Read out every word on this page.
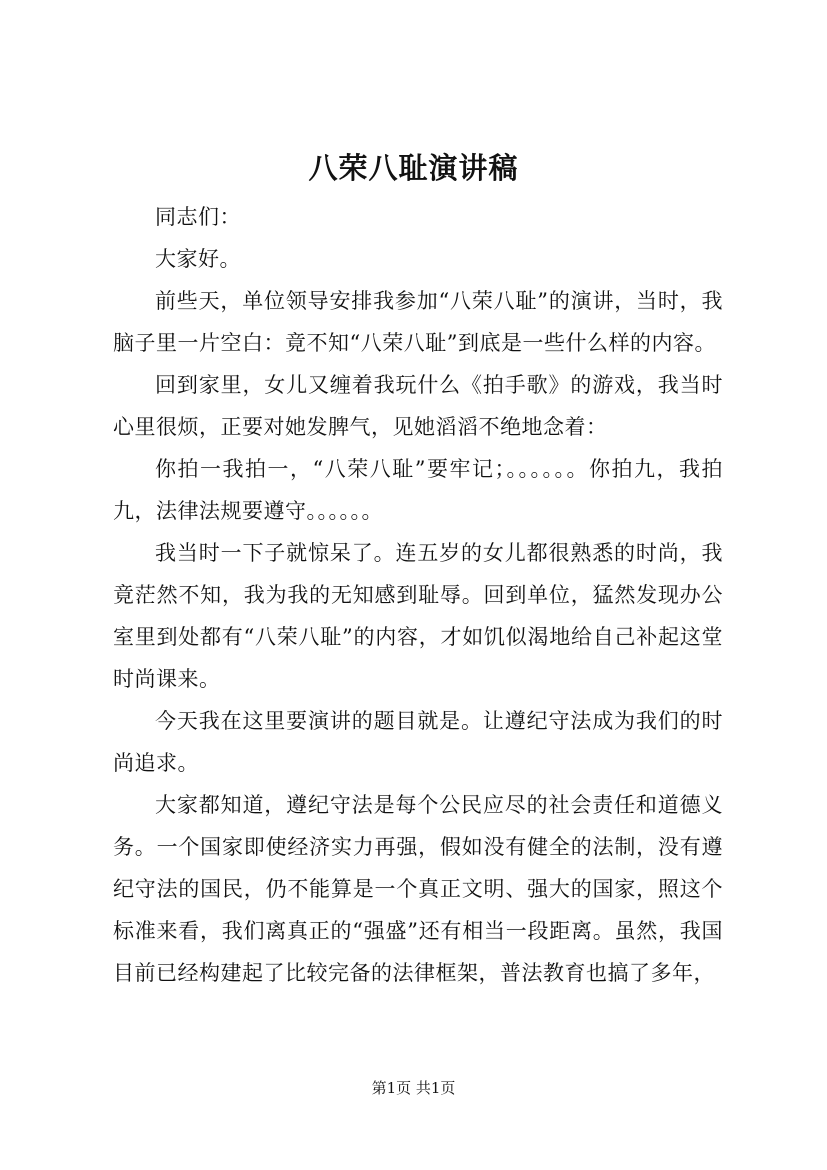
八荣八耻演讲稿

同志们：

大家好。

前些天，单位领导安排我参加“八荣八耻”的演讲，当时，我脑子里一片空白：竟不知“八荣八耻”到底是一些什么样的内容。

回到家里，女儿又缠着我玩什么《拍手歌》的游戏，我当时心里很烦，正要对她发脾气，见她滔滔不绝地念着：

你拍一我拍一，“八荣八耻”要牢记；。。。。。。你拍九，我拍九，法律法规要遵守。。。。。。

我当时一下子就惊呆了。连五岁的女儿都很熟悉的时尚，我竟茫然不知，我为我的无知感到耻辱。回到单位，猛然发现办公室里到处都有“八荣八耻”的内容，才如饥似渴地给自己补起这堂时尚课来。

今天我在这里要演讲的题目就是。让遵纪守法成为我们的时尚追求。

大家都知道，遵纪守法是每个公民应尽的社会责任和道德义务。一个国家即使经济实力再强，假如没有健全的法制，没有遵纪守法的国民，仍不能算是一个真正文明、强大的国家，照这个标准来看，我们离真正的“强盛”还有相当一段距离。虽然，我国目前已经构建起了比较完备的法律框架，普法教育也搞了多年，

第1页 共1页
